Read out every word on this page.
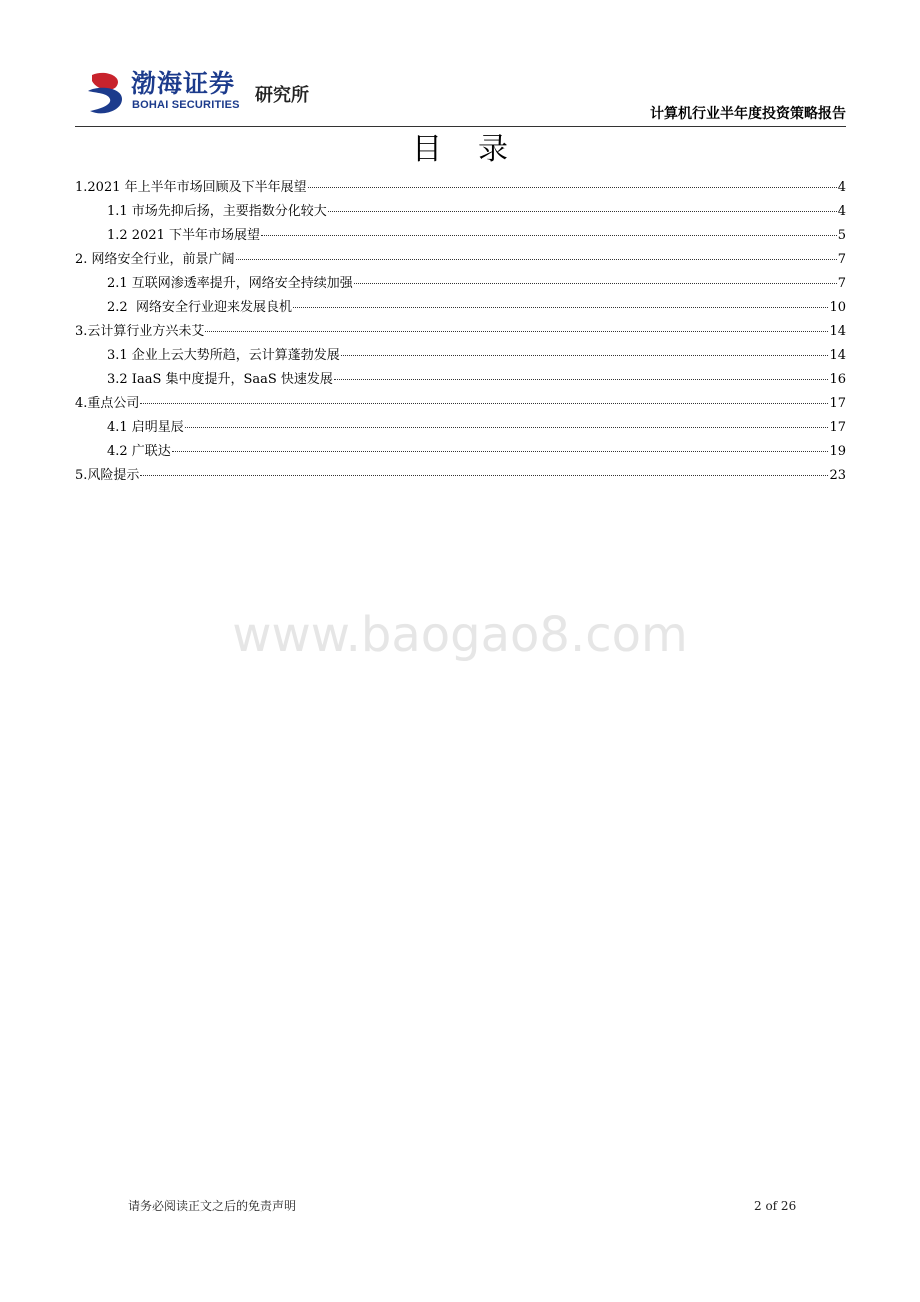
渤海证券
BOHAI SECURITIES 研究所
计算机行业半年度投资策略报告
目录
1.2021 年上半年市场回顾及下半年展望	4
1.1 市场先抑后扬，主要指数分化较大	4
1.2 2021 下半年市场展望	5
2. 网络安全行业，前景广阔	7
2.1 互联网渗透率提升，网络安全持续加强	7
2.2  网络安全行业迎来发展良机	10
3.云计算行业方兴未艾	14
3.1 企业上云大势所趋，云计算蓬勃发展	14
3.2 IaaS 集中度提升，SaaS 快速发展	16
4.重点公司	17
4.1 启明星辰	17
4.2 广联达	19
5.风险提示	23
www.baogao8.com
请务必阅读正文之后的免责声明	2 of 26
